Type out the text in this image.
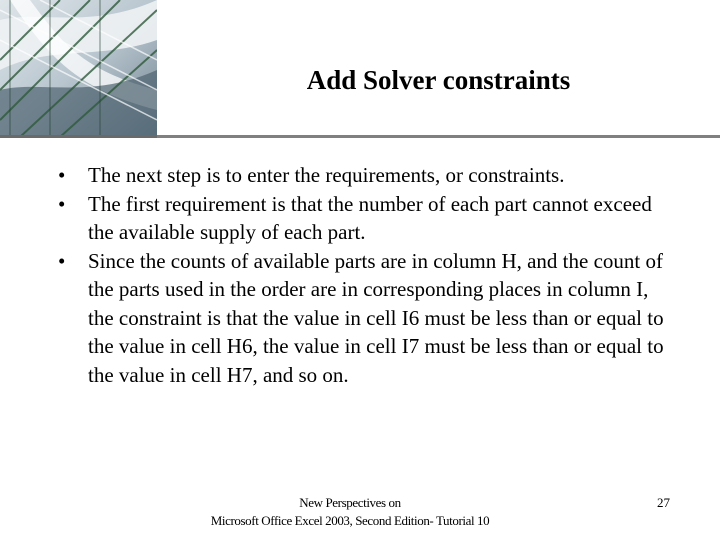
Add Solver constraints
• The next step is to enter the requirements, or constraints.
• The first requirement is that the number of each part cannot exceed the available supply of each part.
• Since the counts of available parts are in column H, and the count of the parts used in the order are in corresponding places in column I, the constraint is that the value in cell I6 must be less than or equal to the value in cell H6, the value in cell I7 must be less than or equal to the value in cell H7, and so on.
New Perspectives on
Microsoft Office Excel 2003, Second Edition- Tutorial 10
27
